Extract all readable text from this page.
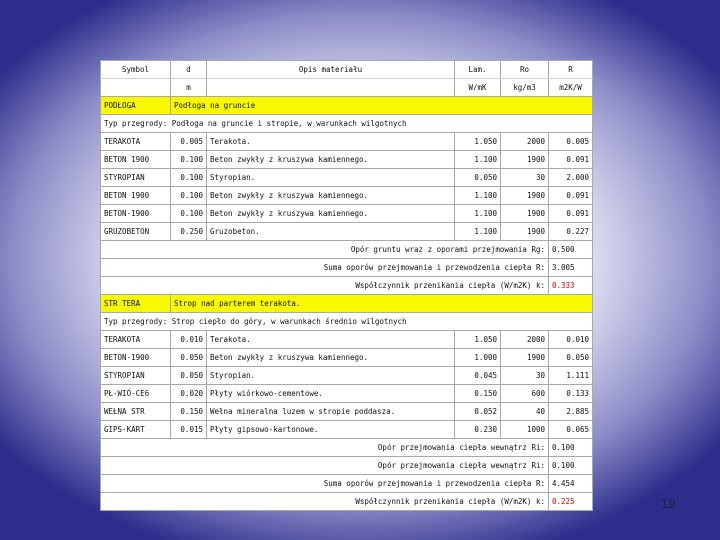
Symbol	d	Opis materiału	Lam.	Ro	R
	m		W/mK	kg/m3	m2K/W
PODŁOGA	Podłoga na gruncie				
Typ przegrody: Podłoga na gruncie i stropie, w warunkach wilgotnych					
TERAKOTA	0.005	Terakota.	1.050	2000	0.005
BETON 1900	0.100	Beton zwykły z kruszywa kamiennego.	1.100	1900	0.091
STYROPIAN	0.100	Styropian.	0.050	30	2.000
BETON 1900	0.100	Beton zwykły z kruszywa kamiennego.	1.100	1900	0.091
BETON-1900	0.100	Beton zwykły z kruszywa kamiennego.	1.100	1900	0.091
GRUZOBETON	0.250	Gruzobeton.	1.100	1900	0.227
Opór gruntu wraz z oporami przejmowania Rg:					0.500
Suma oporów przejmowania i przewodzenia ciepła R:					3.005
Współczynnik przenikania ciepła (W/m2K) k:					0.333
STR TERA	Strop nad parterem terakota.				
Typ przegrody: Strop ciepło do góry, w warunkach średnio wilgotnych					
TERAKOTA	0.010	Terakota.	1.050	2000	0.010
BETON-1900	0.050	Beton zwykły z kruszywa kamiennego.	1.000	1900	0.050
STYROPIAN	0.050	Styropian.	0.045	30	1.111
PŁ-WIÓ-CE6	0.020	Płyty wiórkowo-cementowe.	0.150	600	0.133
WEŁNA STR	0.150	Wełna mineralna luzem w stropie poddasza.	0.052	40	2.885
GIPS-KART	0.015	Płyty gipsowo-kartonowe.	0.230	1000	0.065
Opór przejmowania ciepła wewnątrz Ri:					0.100
Opór przejmowania ciepła wewnątrz Ri:					0.100
Suma oporów przejmowania i przewodzenia ciepła R:					4.454
Współczynnik przenikania ciepła (W/m2K) k:					0.225	19
